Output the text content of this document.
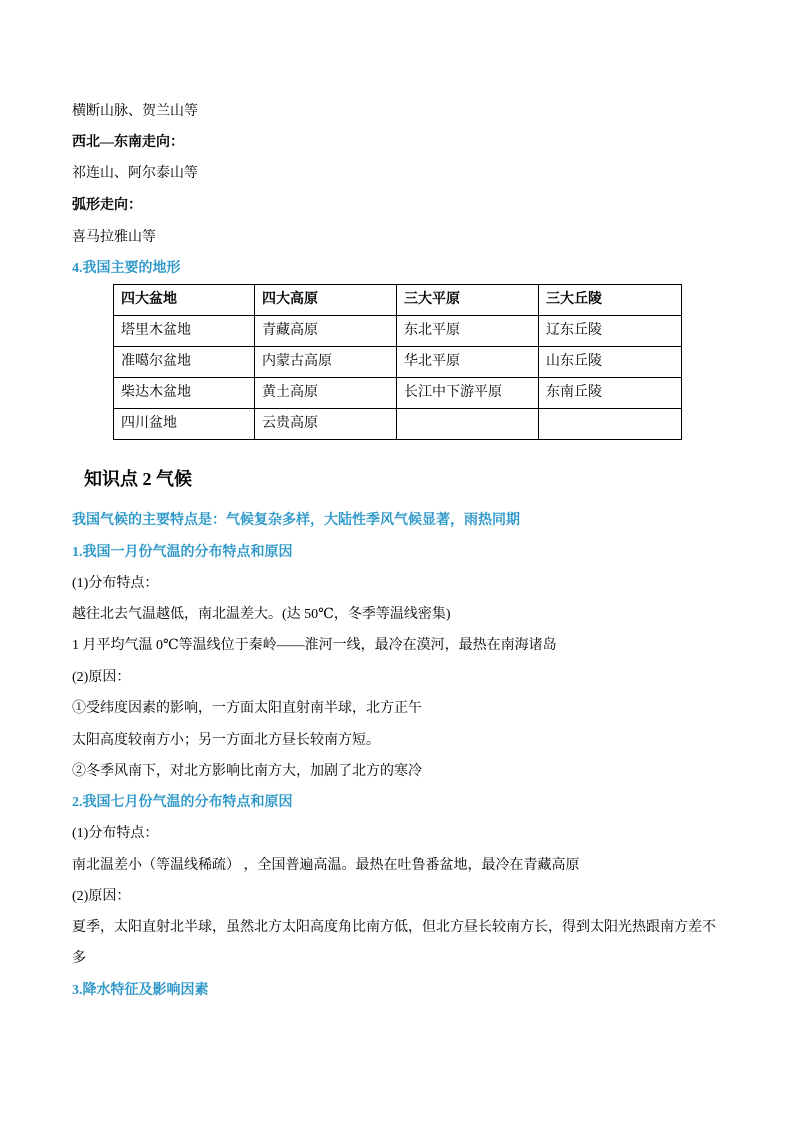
横断山脉、贺兰山等
西北—东南走向：
祁连山、阿尔泰山等
弧形走向：
喜马拉雅山等
4.我国主要的地形
四大盆地	四大高原	三大平原	三大丘陵
塔里木盆地	青藏高原	东北平原	辽东丘陵
准噶尔盆地	内蒙古高原	华北平原	山东丘陵
柴达木盆地	黄土高原	长江中下游平原	东南丘陵
四川盆地	云贵高原		
知识点 2 气候
我国气候的主要特点是：气候复杂多样，大陆性季风气候显著，雨热同期
1.我国一月份气温的分布特点和原因
(1)分布特点：
越往北去气温越低，南北温差大。(达 50℃，冬季等温线密集)
1 月平均气温 0℃等温线位于秦岭——淮河一线，最冷在漠河，最热在南海诸岛
(2)原因：
①受纬度因素的影响，一方面太阳直射南半球，北方正午
太阳高度较南方小；另一方面北方昼长较南方短。
②冬季风南下，对北方影响比南方大，加剧了北方的寒冷
2.我国七月份气温的分布特点和原因
(1)分布特点：
南北温差小（等温线稀疏） ，全国普遍高温。最热在吐鲁番盆地，最冷在青藏高原
(2)原因：
夏季，太阳直射北半球，虽然北方太阳高度角比南方低，但北方昼长较南方长，得到太阳光热跟南方差不
多
3.降水特征及影响因素
